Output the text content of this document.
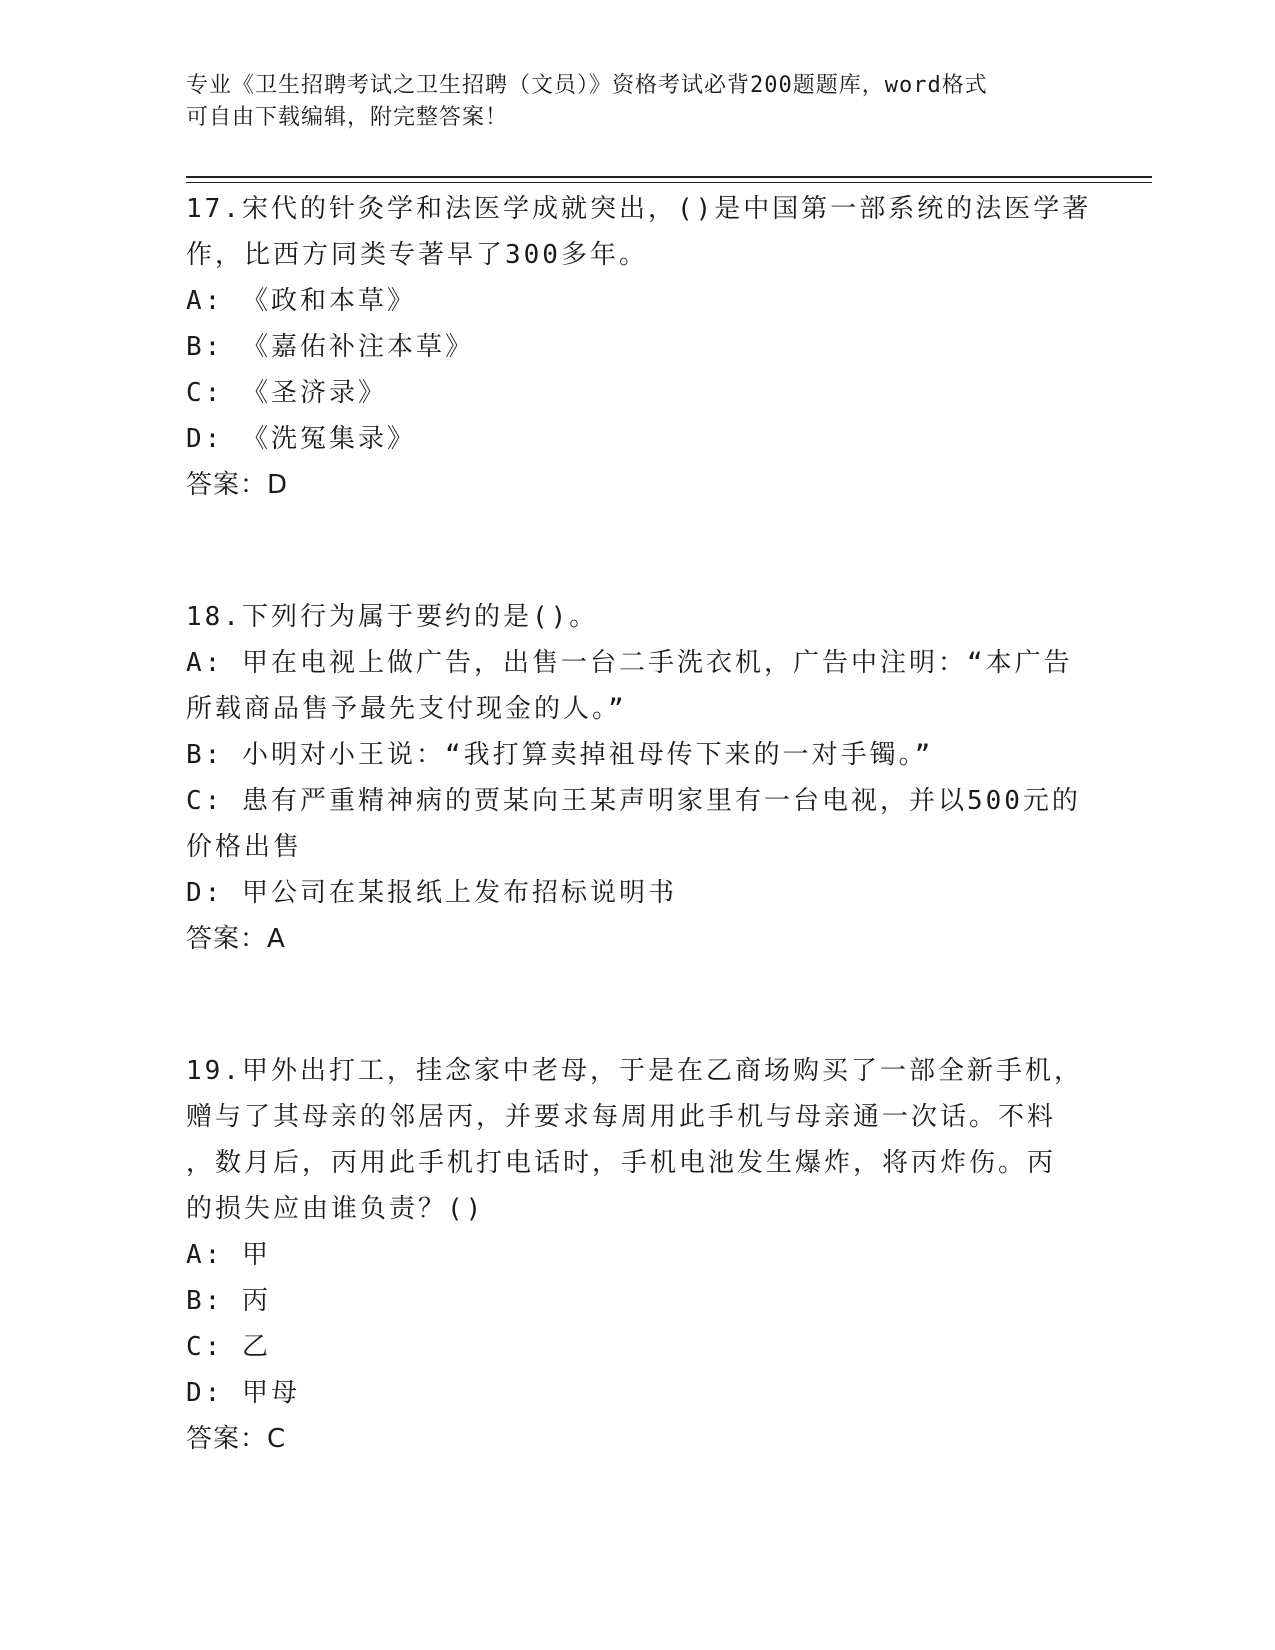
专业《卫生招聘考试之卫生招聘（文员）》资格考试必背200题题库，word格式
可自由下载编辑，附完整答案！
17.宋代的针灸学和法医学成就突出，()是中国第一部系统的法医学著
作，比西方同类专著早了300多年。
A: 《政和本草》
B: 《嘉佑补注本草》
C: 《圣济录》
D: 《洗冤集录》
答案：D
18.下列行为属于要约的是()。
A: 甲在电视上做广告，出售一台二手洗衣机，广告中注明：“本广告
所载商品售予最先支付现金的人。”
B: 小明对小王说：“我打算卖掉祖母传下来的一对手镯。”
C: 患有严重精神病的贾某向王某声明家里有一台电视，并以500元的
价格出售
D: 甲公司在某报纸上发布招标说明书
答案：A
19.甲外出打工，挂念家中老母，于是在乙商场购买了一部全新手机，
赠与了其母亲的邻居丙，并要求每周用此手机与母亲通一次话。不料
，数月后，丙用此手机打电话时，手机电池发生爆炸，将丙炸伤。丙
的损失应由谁负责？()
A: 甲
B: 丙
C: 乙
D: 甲母
答案：C
